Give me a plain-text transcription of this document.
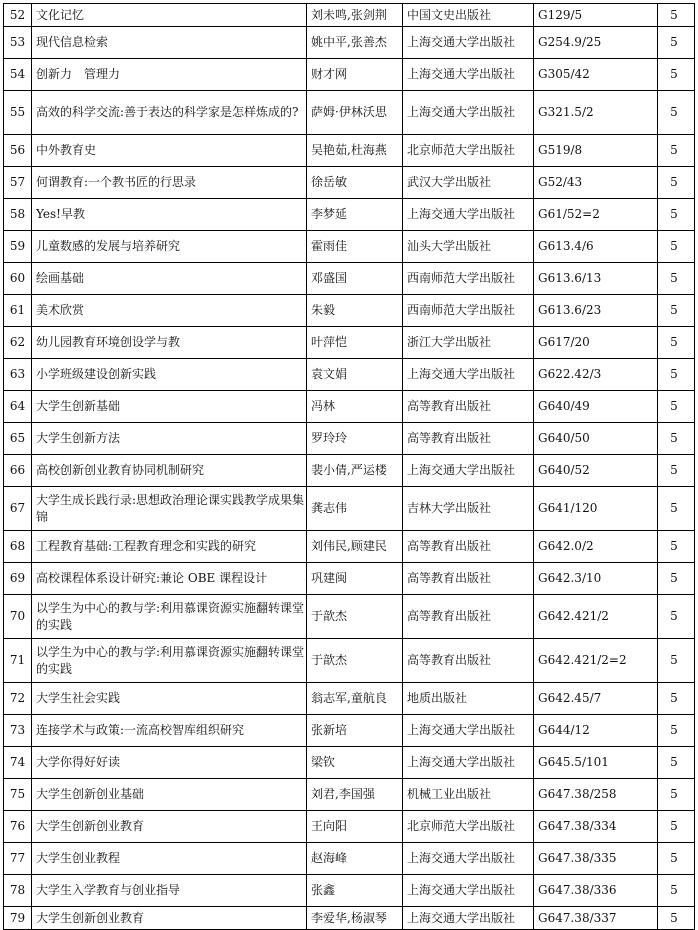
52	文化记忆	刘未鸣,张剑荆	中国文史出版社	G129/5	5
53	现代信息检索	姚中平,张善杰	上海交通大学出版社	G254.9/25	5
54	创新力　管理力	财才网	上海交通大学出版社	G305/42	5
55	高效的科学交流:善于表达的科学家是怎样炼成的?	萨姆·伊林沃思	上海交通大学出版社	G321.5/2	5
56	中外教育史	吴艳茹,杜海燕	北京师范大学出版社	G519/8	5
57	何谓教育:一个教书匠的行思录	徐岳敏	武汉大学出版社	G52/43	5
58	Yes!早教	李梦延	上海交通大学出版社	G61/52=2	5
59	儿童数感的发展与培养研究	霍雨佳	汕头大学出版社	G613.4/6	5
60	绘画基础	邓盛国	西南师范大学出版社	G613.6/13	5
61	美术欣赏	朱毅	西南师范大学出版社	G613.6/23	5
62	幼儿园教育环境创设学与教	叶萍恺	浙江大学出版社	G617/20	5
63	小学班级建设创新实践	袁文娟	上海交通大学出版社	G622.42/3	5
64	大学生创新基础	冯林	高等教育出版社	G640/49	5
65	大学生创新方法	罗玲玲	高等教育出版社	G640/50	5
66	高校创新创业教育协同机制研究	裴小倩,严运楼	上海交通大学出版社	G640/52	5
67	大学生成长践行录:思想政治理论课实践教学成果集锦	龚志伟	吉林大学出版社	G641/120	5
68	工程教育基础:工程教育理念和实践的研究	刘伟民,顾建民	高等教育出版社	G642.0/2	5
69	高校课程体系设计研究:兼论 OBE 课程设计	巩建闽	高等教育出版社	G642.3/10	5
70	以学生为中心的教与学:利用慕课资源实施翻转课堂的实践	于歆杰	高等教育出版社	G642.421/2	5
71	以学生为中心的教与学:利用慕课资源实施翻转课堂的实践	于歆杰	高等教育出版社	G642.421/2=2	5
72	大学生社会实践	翁志军,童航良	地质出版社	G642.45/7	5
73	连接学术与政策:一流高校智库组织研究	张新培	上海交通大学出版社	G644/12	5
74	大学你得好好读	梁钦	上海交通大学出版社	G645.5/101	5
75	大学生创新创业基础	刘君,李国强	机械工业出版社	G647.38/258	5
76	大学生创新创业教育	王向阳	北京师范大学出版社	G647.38/334	5
77	大学生创业教程	赵海峰	上海交通大学出版社	G647.38/335	5
78	大学生入学教育与创业指导	张鑫	上海交通大学出版社	G647.38/336	5
79	大学生创新创业教育	李爱华,杨淑琴	上海交通大学出版社	G647.38/337	5
